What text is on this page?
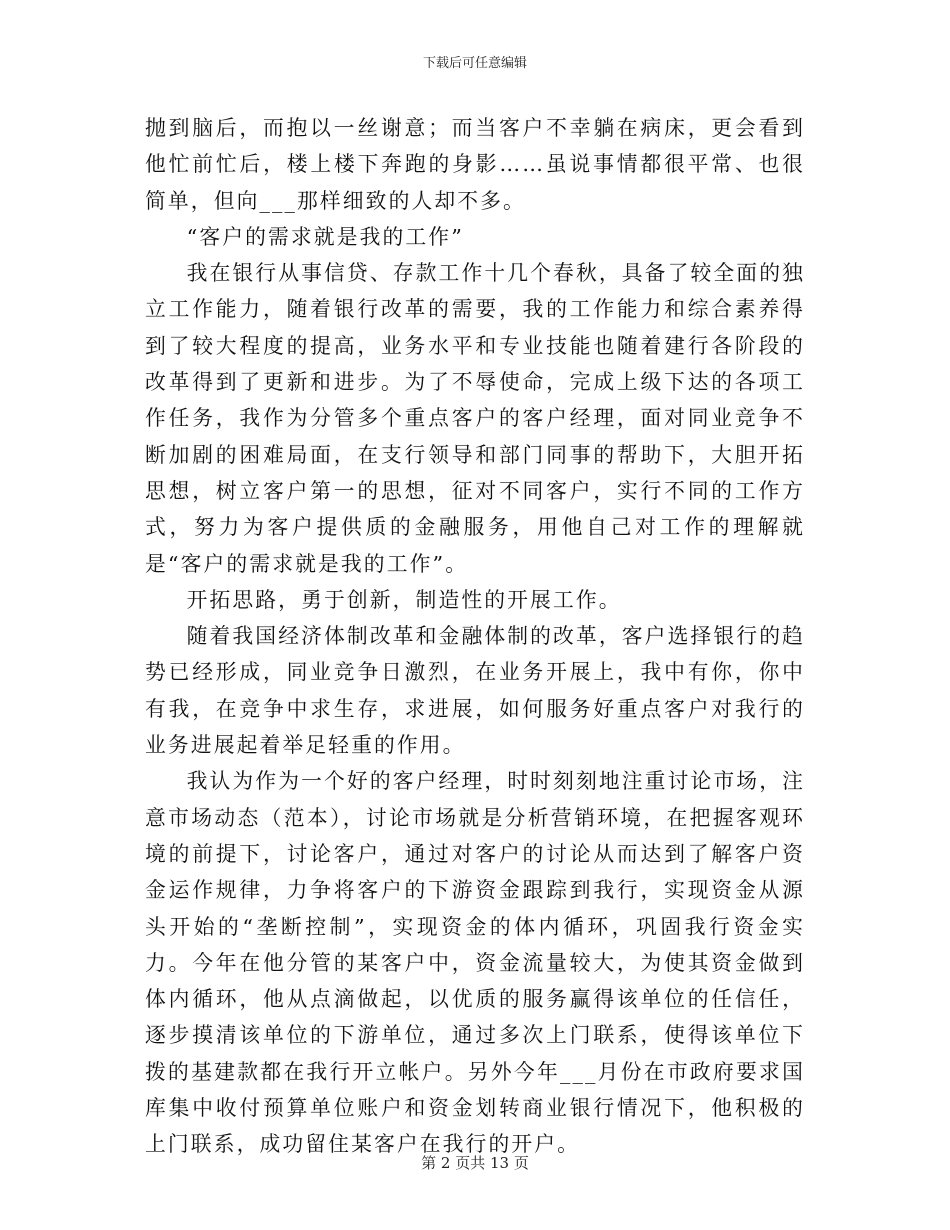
下载后可任意编辑

抛到脑后，而抱以一丝谢意；而当客户不幸躺在病床，更会看到他忙前忙后，楼上楼下奔跑的身影……虽说事情都很平常、也很简单，但向___那样细致的人却不多。

“客户的需求就是我的工作”

我在银行从事信贷、存款工作十几个春秋，具备了较全面的独立工作能力，随着银行改革的需要，我的工作能力和综合素养得到了较大程度的提高，业务水平和专业技能也随着建行各阶段的改革得到了更新和进步。为了不辱使命，完成上级下达的各项工作任务，我作为分管多个重点客户的客户经理，面对同业竞争不断加剧的困难局面，在支行领导和部门同事的帮助下，大胆开拓思想，树立客户第一的思想，征对不同客户，实行不同的工作方式，努力为客户提供质的金融服务，用他自己对工作的理解就是“客户的需求就是我的工作”。

开拓思路，勇于创新，制造性的开展工作。

随着我国经济体制改革和金融体制的改革，客户选择银行的趋势已经形成，同业竞争日激烈，在业务开展上，我中有你，你中有我，在竞争中求生存，求进展，如何服务好重点客户对我行的业务进展起着举足轻重的作用。

我认为作为一个好的客户经理，时时刻刻地注重讨论市场，注意市场动态（范本），讨论市场就是分析营销环境，在把握客观环境的前提下，讨论客户，通过对客户的讨论从而达到了解客户资金运作规律，力争将客户的下游资金跟踪到我行，实现资金从源头开始的“垄断控制”，实现资金的体内循环，巩固我行资金实力。今年在他分管的某客户中，资金流量较大，为使其资金做到体内循环，他从点滴做起，以优质的服务赢得该单位的任信任，逐步摸清该单位的下游单位，通过多次上门联系，使得该单位下拨的基建款都在我行开立帐户。另外今年___月份在市政府要求国库集中收付预算单位账户和资金划转商业银行情况下，他积极的上门联系，成功留住某客户在我行的开户。

第 2 页共 13 页
